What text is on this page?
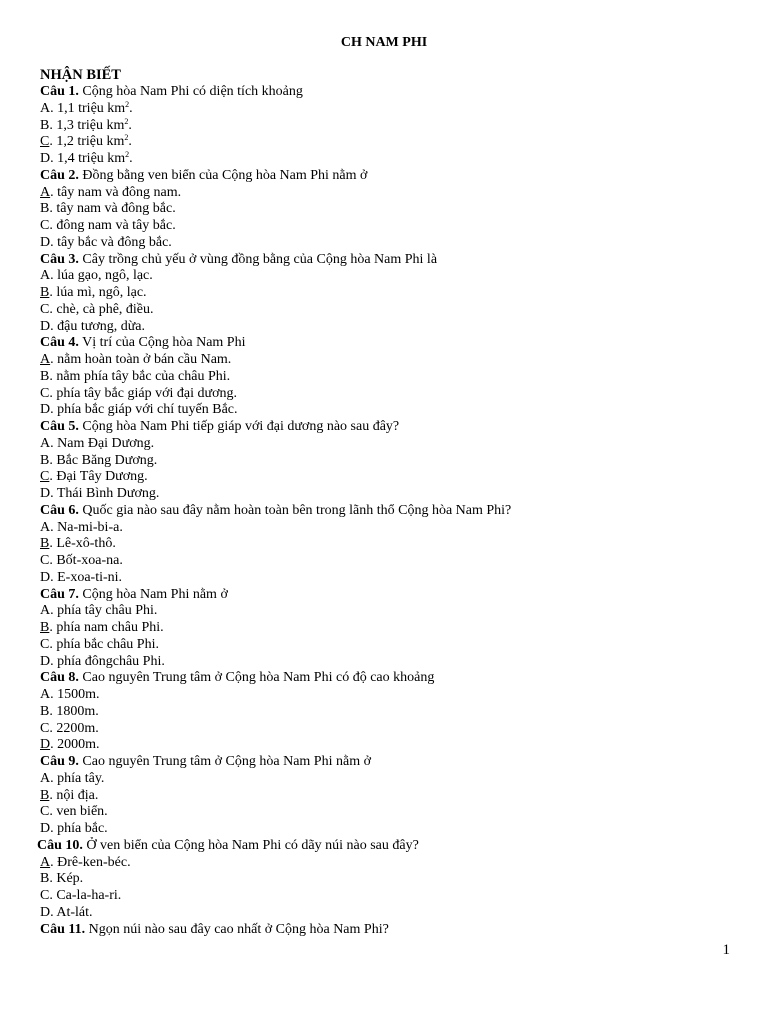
CH NAM PHI
NHẬN BIẾT
Câu 1. Cộng hòa Nam Phi có diện tích khoảng
A. 1,1 triệu $km^2$.
B. 1,3 triệu $km^2$.
C. 1,2 triệu $km^2$.
D. 1,4 triệu $km^2$.
Câu 2. Đồng bằng ven biển của Cộng hòa Nam Phi nằm ở
A. tây nam và đông nam.
B. tây nam và đông bắc.
C. đông nam và tây bắc.
D. tây bắc và đông bắc.
Câu 3. Cây trồng chủ yếu ở vùng đồng bằng của Cộng hòa Nam Phi là
A. lúa gạo, ngô, lạc.
B. lúa mì, ngô, lạc.
C. chè, cà phê, điều.
D. đậu tương, dừa.
Câu 4. Vị trí của Cộng hòa Nam Phi
A. nằm hoàn toàn ở bán cầu Nam.
B. nằm phía tây bắc của châu Phi.
C. phía tây bắc giáp với đại dương.
D. phía bắc giáp với chí tuyến Bắc.
Câu 5. Cộng hòa Nam Phi tiếp giáp với đại dương nào sau đây?
A. Nam Đại Dương.
B. Bắc Băng Dương.
C. Đại Tây Dương.
D. Thái Bình Dương.
Câu 6. Quốc gia nào sau đây nằm hoàn toàn bên trong lãnh thổ Cộng hòa Nam Phi?
A. Na-mi-bi-a.
B. Lê-xô-thô.
C. Bốt-xoa-na.
D. E-xoa-ti-ni.
Câu 7. Cộng hòa Nam Phi nằm ở
A. phía tây châu Phi.
B. phía nam châu Phi.
C. phía bắc châu Phi.
D. phía đôngchâu Phi.
Câu 8. Cao nguyên Trung tâm ở Cộng hòa Nam Phi có độ cao khoảng
A. 1500m.
B. 1800m.
C. 2200m.
D. 2000m.
Câu 9. Cao nguyên Trung tâm ở Cộng hòa Nam Phi nằm ở
A. phía tây.
B. nội địa.
C. ven biển.
D. phía bắc.
Câu 10. Ở ven biển của Cộng hòa Nam Phi có dãy núi nào sau đây?
A. Đrê-ken-béc.
B. Kép.
C. Ca-la-ha-ri.
D. At-lát.
Câu 11. Ngọn núi nào sau đây cao nhất ở Cộng hòa Nam Phi?
1
